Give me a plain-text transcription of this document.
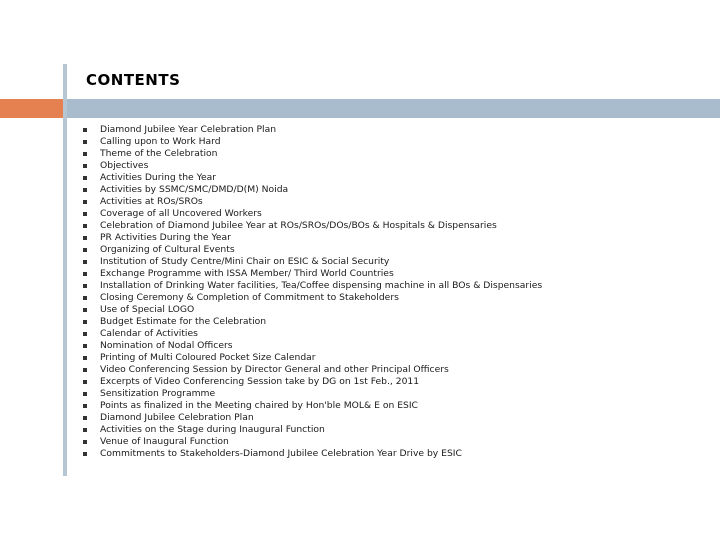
CONTENTS
Diamond Jubilee Year Celebration Plan
Calling upon to Work Hard
Theme of the Celebration
Objectives
Activities During the Year
Activities by SSMC/SMC/DMD/D(M) Noida
Activities at ROs/SROs
Coverage of all Uncovered Workers
Celebration of Diamond Jubilee Year at ROs/SROs/DOs/BOs & Hospitals & Dispensaries
PR Activities During the Year
Organizing of Cultural Events
Institution of Study Centre/Mini Chair on ESIC & Social Security
Exchange Programme with ISSA Member/ Third World Countries
Installation of Drinking Water facilities, Tea/Coffee dispensing machine in all BOs & Dispensaries
Closing Ceremony & Completion of Commitment to Stakeholders
Use of Special LOGO
Budget Estimate for the Celebration
Calendar of Activities
Nomination of Nodal Officers
Printing of Multi Coloured Pocket Size Calendar
Video Conferencing Session by Director General and other Principal Officers
Excerpts of Video Conferencing Session take by DG on 1st Feb., 2011
Sensitization Programme
Points as finalized in the Meeting chaired by Hon'ble MOL& E on ESIC
Diamond Jubilee Celebration Plan
Activities on the Stage during Inaugural Function
Venue of Inaugural Function
Commitments to Stakeholders-Diamond Jubilee Celebration Year Drive by ESIC
